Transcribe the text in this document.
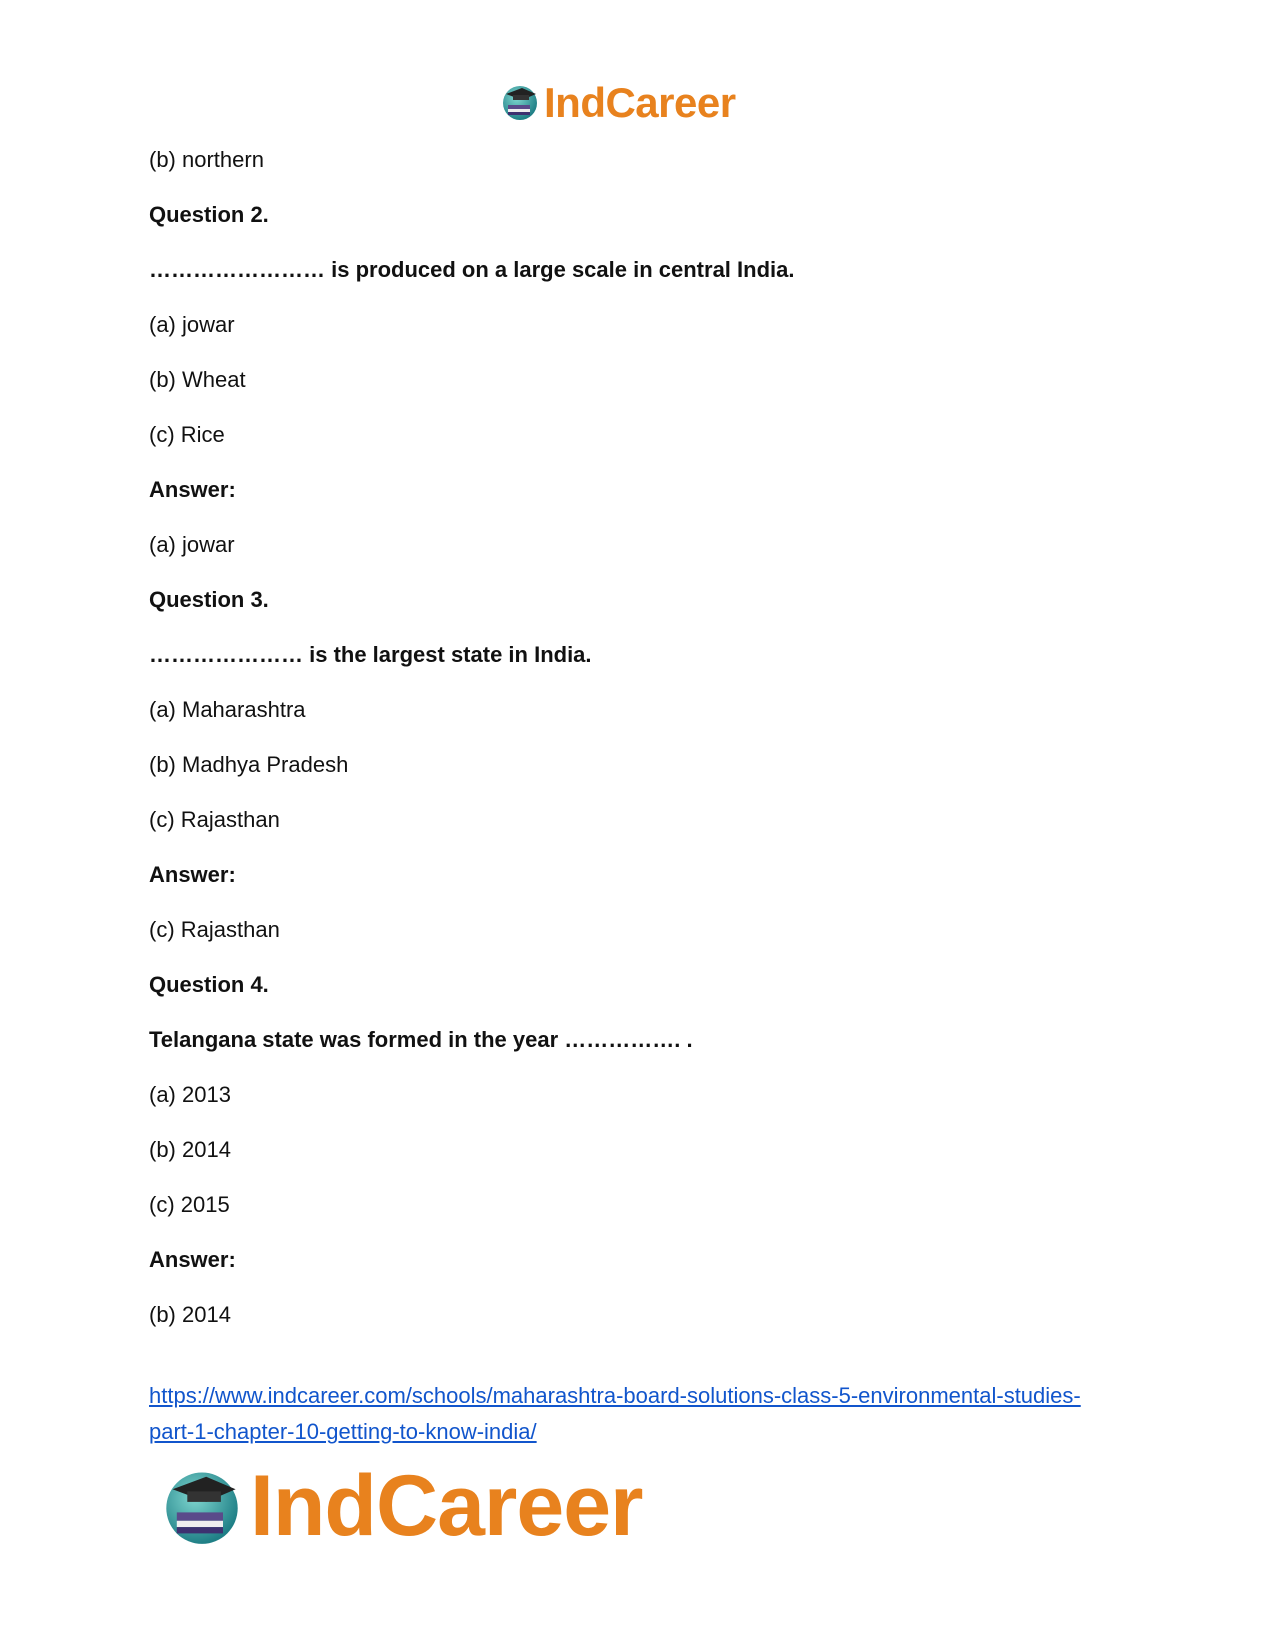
IndCareer
(b) northern
Question 2.
…………………… is produced on a large scale in central India.
(a) jowar
(b) Wheat
(c) Rice
Answer:
(a) jowar
Question 3.
………………… is the largest state in India.
(a) Maharashtra
(b) Madhya Pradesh
(c) Rajasthan
Answer:
(c) Rajasthan
Question 4.
Telangana state was formed in the year ……………. .
(a) 2013
(b) 2014
(c) 2015
Answer:
(b) 2014
https://www.indcareer.com/schools/maharashtra-board-solutions-class-5-environmental-studies-
part-1-chapter-10-getting-to-know-india/
IndCareer
